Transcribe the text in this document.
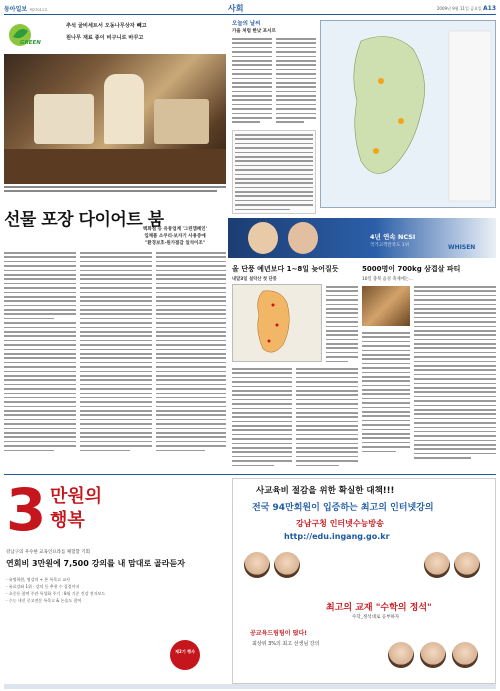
동아일보 제27011호	사회	2009년 9월 11일 금요일 A13
GREEN
추석 굴비세트서 오동나무상자 빼고
원나무 재료 종이 비구니로 바꾸고
선물 포장 다이어트 붐
백화점 등 유통업계 '그린캠페인'
입체폼 소쿠리·보자기 사용증에
"환경보호·원가절감 일석이조"
오늘의 날씨
가을 처럼 한낮 포서르
4년 연속 NCSI
국가고객만족도 1위	WHISEN
올 단풍 예년보다 1~8일 늦어질듯
내달3일 설악산 첫 단풍
5000명이 700kg 삼겹살 파티
10일 충북 음성 축제에는...
3 만원의
행복
강남구의 우수한 교육인프라를 체험할 기회
연회비 3만원에 7,500 강의를 내 맘대로 골라듣자
- 유명학원, 명강의 + 본 특목고 교사
- 유료강좌 1위 · 강의 등 추천 수 집결까지
- 초중등 참여 주관 특성화 주기 : 8월 기준 건강 전자보드
- 수능 내신 중고전문 특목고 & 논술도 참여
제2기 행사
사교육비 절감을 위한 확실한 대책!!!
전국 94만회원이 입증하는 최고의 인터넷강의
강남구청 인터넷수능방송
http://edu.ingang.go.kr
최고의 교재 "수학의 정석"
수학_정석대로 공부하자
공교육드림팀이 떴다!
최상위 3%의 최고 선생님 강의
